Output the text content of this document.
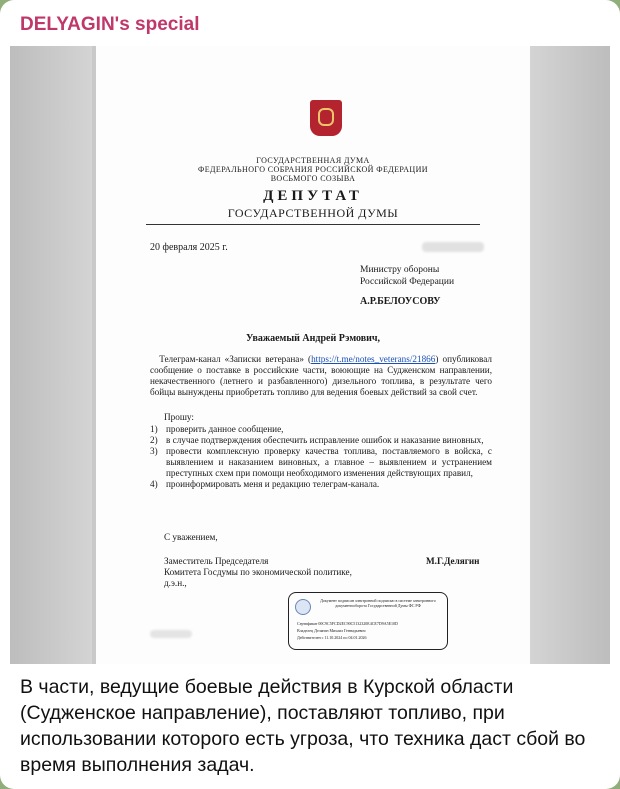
DELYAGIN's special
ГОСУДАРСТВЕННАЯ ДУМА
ФЕДЕРАЛЬНОГО СОБРАНИЯ РОССИЙСКОЙ ФЕДЕРАЦИИ
ВОСЬМОГО СОЗЫВА
ДЕПУТАТ
ГОСУДАРСТВЕННОЙ ДУМЫ
20 февраля 2025 г.
Министру обороны
Российской Федерации
А.Р.БЕЛОУСОВУ
Уважаемый Андрей Рэмович,
 Телеграм-канал «Записки ветерана» (https://t.me/notes_veterans/21866) опубликовал сообщение о поставке в российские части, воюющие на Судженском направлении, некачественного (летнего и разбавленного) дизельного топлива, в результате чего бойцы вынуждены приобретать топливо для ведения боевых действий за свой счет.
Прошу:
1) проверить данное сообщение,
2) в случае подтверждения обеспечить исправление ошибок и наказание виновных,
3) провести комплексную проверку качества топлива, поставляемого в войска, с выявлением и наказанием виновных, а главное – выявлением и устранением преступных схем при помощи необходимого изменения действующих правил,
4) проинформировать меня и редакцию телеграм-канала.
С уважением,
Заместитель Председателя
Комитета Госдумы по экономической политике,
д.э.н.,
М.Г.Делягин
Документ подписан электронной подписью в системе электронного документооборота Государственной Думы ФС РФ
Сертификат 00C9C5FCD2EC90C5132320E4CE7D9A5E10D
Владелец Делягин Михаил Геннадьевич
Действителен с 11.10.2024 по 04.01.2026
В части, ведущие боевые действия в Курской области (Судженское направление), поставляют топливо, при использовании которого есть угроза, что техника даст сбой во время выполнения задач.
